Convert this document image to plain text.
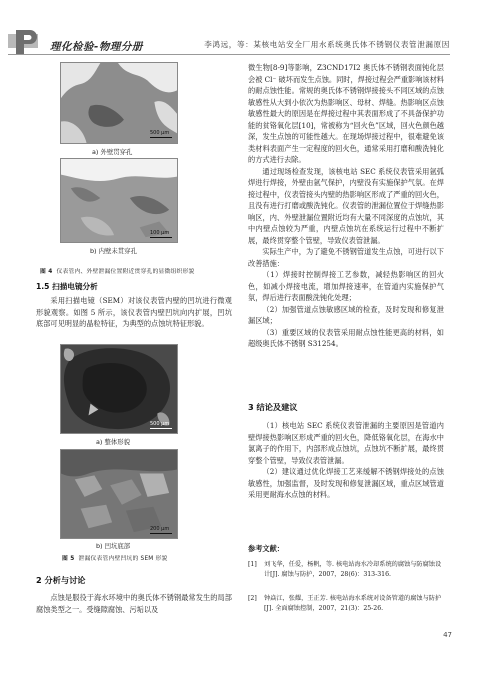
理化检验-物理分册	李鸿远，等：某核电站安全厂用水系统奥氏体不锈钢仪表管泄漏原因
500 μm
a) 外壁贯穿孔
100 μm
b) 内壁未贯穿孔
图 4 仪表管内、外壁泄漏位置附近贯穿孔的显微组织形貌
1.5 扫描电镜分析

采用扫描电镜（SEM）对该仪表管内壁的凹坑进行微观形貌观察。如图 5 所示，该仪表管内壁凹坑向内扩展，凹坑底部可见明显的晶粒特征，为典型的点蚀坑特征形貌。

500 μm
a) 整体形貌
200 μm
b) 凹坑底部
图 5 泄漏仪表管内壁凹坑的 SEM 形貌
2 分析与讨论

点蚀是服役于海水环境中的奥氏体不锈钢最常发生的局部腐蚀类型之一。受缝隙腐蚀、污垢以及

微生物[8-9]等影响，Z3CND17I2 奥氏体不锈钢表面钝化层会被 Cl⁻ 破坏而发生点蚀。同时，焊接过程会严重影响该材料的耐点蚀性能。常规的奥氏体不锈钢焊接接头不同区域的点蚀敏感性从大到小依次为热影响区、母材、焊缝。热影响区点蚀敏感性最大的原因是在焊接过程中其表面形成了不具备保护功能的贫铬氧化层[10]，常被称为“回火色”区域，回火色颜色越深，发生点蚀的可能性越大。在现场焊接过程中，很难避免该类材料表面产生一定程度的回火色，通常采用打磨和酸洗钝化的方式进行去除。

通过现场检查发现，该核电站 SEC 系统仪表管采用氩弧焊进行焊接，外壁由氩气保护，内壁没有实施保护气氛。在焊接过程中，仪表管接头内壁的热影响区形成了严重的回火色，且没有进行打磨或酸洗钝化。仪表管的泄漏位置位于焊缝热影响区，内、外壁泄漏位置附近均有大量不同深度的点蚀坑，其中内壁点蚀较为严重，内壁点蚀坑在系统运行过程中不断扩展，最终贯穿整个管壁，导致仪表管泄漏。

实际生产中，为了避免不锈钢管道发生点蚀，可进行以下改善措施：

（1）焊接时控制焊接工艺参数，减轻热影响区的回火色，如减小焊接电流，增加焊接速率，在管道内实施保护气氛，焊后进行表面酸洗钝化处理；

（2）加强管道点蚀敏感区域的检查，及时发现和修复泄漏区域；

（3）重要区域的仪表管采用耐点蚀性能更高的材料，如超级奥氏体不锈钢 S31254。

3 结论及建议

（1）核电站 SEC 系统仪表管泄漏的主要原因是管道内壁焊接热影响区形成严重的回火色，降低铬氧化层，在海水中氯离子的作用下，内部形成点蚀坑，点蚀坑不断扩展，最终贯穿整个管壁，导致仪表管泄漏。

（2）建议通过优化焊接工艺来缓解不锈钢焊接处的点蚀敏感性，加强监督，及时发现和修复泄漏区域，重点区域管道采用更耐海水点蚀的材料。

参考文献：
[1] 刘飞华，任爱，杨帆，等. 核电站海水冷却系统的腐蚀与防腐蚀设计[J]. 腐蚀与防护，2007，28(6)：313-316.
[2] 钟焱江，张耀，王正芳. 核电站海水系统对设备管道的腐蚀与防护[J]. 全面腐蚀控制，2007，21(3)：25-26.
47
